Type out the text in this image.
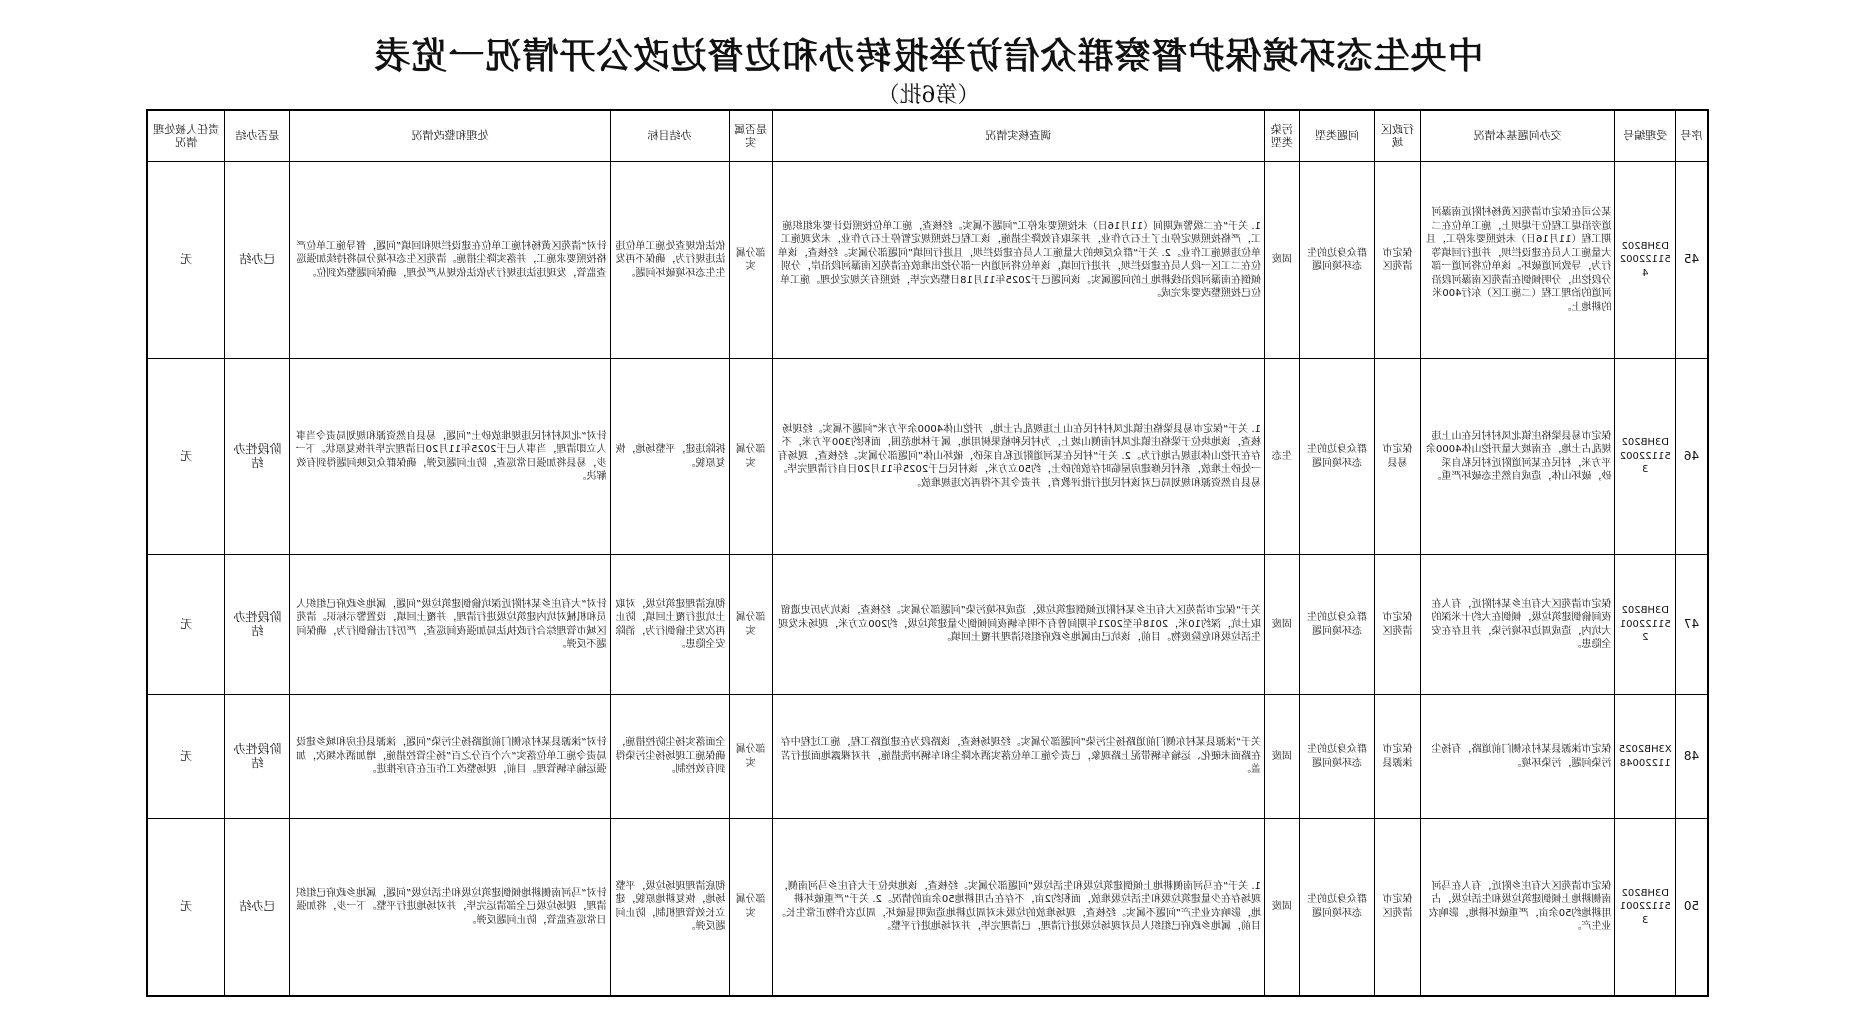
中央生态环境保护督察群众信访举报转办和边督边改公开情况一览表
（第6批）
序号	受理编号	交办问题基本情况	行政区域	问题类型	污染类型	调查核实情况	是否属实	办结目标	处理和整改情况	是否办结	责任人被处理情况
45	D3HB202511220024	某公司在保定市清苑区黄杨村附近南瀑河道旁沿堤工程位于堤坝上，施工单位在二期工程（11月16日）未按照要求停工，且大量施工人员在建设拦坝，并进行回填等行为，导致河道破坏。该单位将河道一部分段挖出，分明倾倒在清苑区南瀑河段沿河道的治理工程（二施工区）东行400米的耕地上。	保定市清苑区	群众身边的生态环境问题	固废	1. 关于“在二级警戒期间（11月16日）未按照要求停工”问题不属实。经核查，施工单位按照设计要求组织施工，严格按照规定停止了土石方作业，并采取有效降尘措施，该工程已按照规定暂停土石方作业，未发现施工单位违规施工作业。2. 关于“群众反映的大量施工人员在建设拦坝，且进行回填”问题部分属实。经核查，该单位在二工区一段人员在建设拦坝，并进行回填，该单位将河道内一部分挖出堆放在清苑区南瀑河段沿岸，分别倾倒在南瀑河段沿线耕地上的问题属实。该问题已于2025年11月18日整改完毕，按照有关规定处理。施工单位已按照整改要求完成。	部分属实	依法依规查处施工单位违法违规行为，确保不再发生生态环境破坏问题。	针对“清苑区黄杨村施工单位在建设拦坝和回填”问题，督导施工单位严格按照要求施工，并落实降尘措施。清苑区生态环境分局将持续加强巡查监管，发现违法违规行为依法依规从严处理，确保问题整改到位。	已办结	无
46	D3HB202511220023	保定市易县梁格庄镇北凤村村民在山上违规乱占土地，在南坡大量开挖山体4000余平方米，村民在某河道附近村民私自采砂，破坏山体，造成自然生态破坏严重。	保定市易县	群众身边的生态环境问题	生态	1. 关于“保定市易县梁格庄镇北凤村村民在山上违规乱占土地，开挖山体4000余平方米”问题不属实。经现场核查，该地块位于梁格庄镇北凤村南侧山坡上，为村民种植果树用地，属于林地范围，面积约300平方米，不存在开挖山体违规占地行为。2. 关于“村民在某河道附近私自采砂，破坏山体”问题部分属实。经核查，现场有一处砂土堆放，系村民修建房屋临时存放的砂土，约50立方米，该村民已于2025年11月20日自行清理完毕。易县自然资源和规划局已对该村民进行批评教育，并责令其不得再次违规堆放。	部分属实	拆除违建，平整场地，恢复原貌。	针对“北凤村村民违规堆放砂土”问题，易县自然资源和规划局责令当事人立即清理，当事人已于2025年11月20日清理完毕并恢复原状。下一步，易县将加强日常巡查，防止问题反弹，确保群众反映问题得到有效解决。	阶段性办结	无
47	D3HB202511220012	保定市清苑区大有庄乡某村附近，有人在夜间偷倒建筑垃圾，倾倒在大约十米深的大坑内，造成周边环境污染，并且存在安全隐患。	保定市清苑区	群众身边的生态环境问题	固废	关于“保定市清苑区大有庄乡某村附近倾倒建筑垃圾，造成环境污染”问题部分属实。经核查，该坑为历史遗留取土坑，深约10米，2018年至2021年期间曾有不明车辆夜间倾倒少量建筑垃圾，约200立方米，现场未发现生活垃圾和危险废物。目前，该坑已由属地乡政府组织清理并覆土回填。	部分属实	彻底清理建筑垃圾，对取土坑进行覆土回填，防止再次发生偷倒行为，消除安全隐患。	针对“大有庄乡某村附近深坑偷倒建筑垃圾”问题，属地乡政府已组织人员和机械对坑内建筑垃圾进行清理，并覆土回填，设置警示标识。清苑区城市管理综合行政执法局加强夜间巡查，严厉打击偷倒行为，确保问题不反弹。	阶段性办结	无
48	X3HB202511220048	保定市涞源县某村东侧门前道路，有扬尘污染问题，污染环境。	保定市涞源县	群众身边的生态环境问题	固废	关于“涞源县某村东侧门前道路扬尘污染”问题部分属实。经现场核查，该路段为在建道路工程，施工过程中存在路面未硬化、运输车辆带泥上路现象，已责令施工单位落实洒水降尘和车辆冲洗措施，并对裸露地面进行苫盖。	部分属实	全面落实扬尘防控措施，确保施工现场扬尘污染得到有效控制。	针对“涞源县某村东侧门前道路扬尘污染”问题，涞源县住房和城乡建设局责令施工单位落实“六个百分之百”扬尘管控措施，增加洒水频次，加强运输车辆管理。目前，现场整改工作正在有序推进。	阶段性办结	无
50	D3HB202511220013	保定市清苑区大有庄乡附近，有人在马河南侧耕地上倾倒建筑垃圾和生活垃圾，占用耕地约50余亩，严重破坏耕地，影响农业生产。	保定市清苑区	群众身边的生态环境问题	固废	1. 关于“在马河南侧耕地上倾倒建筑垃圾和生活垃圾”问题部分属实。经核查，该地块位于大有庄乡马河南侧，现场存在少量建筑垃圾和生活垃圾堆放，面积约2亩，不存在占用耕地50余亩的情况。2. 关于“严重破坏耕地，影响农业生产”问题不属实。经核查，现场堆放的垃圾未对周边耕地造成明显破坏，周边农作物正常生长。目前，属地乡政府已组织人员对现场垃圾进行清理，已清理完毕，并对场地进行平整。	部分属实	彻底清理现场垃圾，平整场地，恢复耕地原貌，建立长效管理机制，防止问题反弹。	针对“马河南侧耕地倾倒建筑垃圾和生活垃圾”问题，属地乡政府已组织清理，现场垃圾已全部清运完毕，并对场地进行平整。下一步，将加强日常巡查监管，防止问题反弹。	已办结	无
